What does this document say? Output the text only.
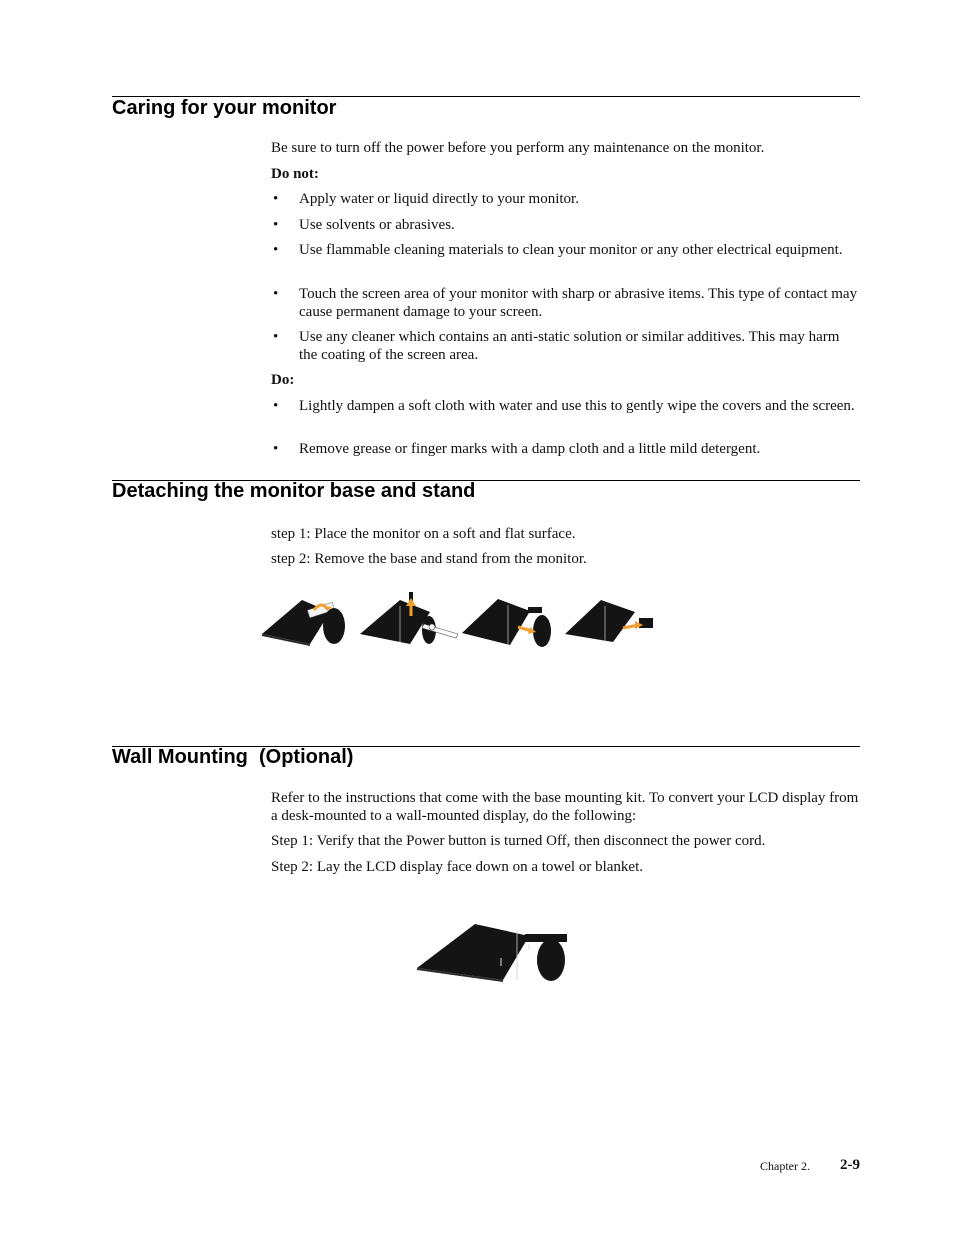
Caring for your monitor

Be sure to turn off the power before you perform any maintenance on the monitor.

Do not:

• Apply water or liquid directly to your monitor.
• Use solvents or abrasives.
• Use flammable cleaning materials to clean your monitor or any other electrical equipment.
• Touch the screen area of your monitor with sharp or abrasive items. This type of contact may cause permanent damage to your screen.
• Use any cleaner which contains an anti-static solution or similar additives. This may harm the coating of the screen area.

Do:

• Lightly dampen a soft cloth with water and use this to gently wipe the covers and the screen.
• Remove grease or finger marks with a damp cloth and a little mild detergent.
Detaching the monitor base and stand

step 1: Place the monitor on a soft and flat surface.

step 2: Remove the base and stand from the monitor.

Wall Mounting  (Optional)

Refer to the instructions that come with the base mounting kit. To convert your LCD display from a desk-mounted to a wall-mounted display, do the following:

Step 1: Verify that the Power button is turned Off, then disconnect the power cord.

Step 2: Lay the LCD display face down on a towel or blanket.

Chapter 2. 2-9
